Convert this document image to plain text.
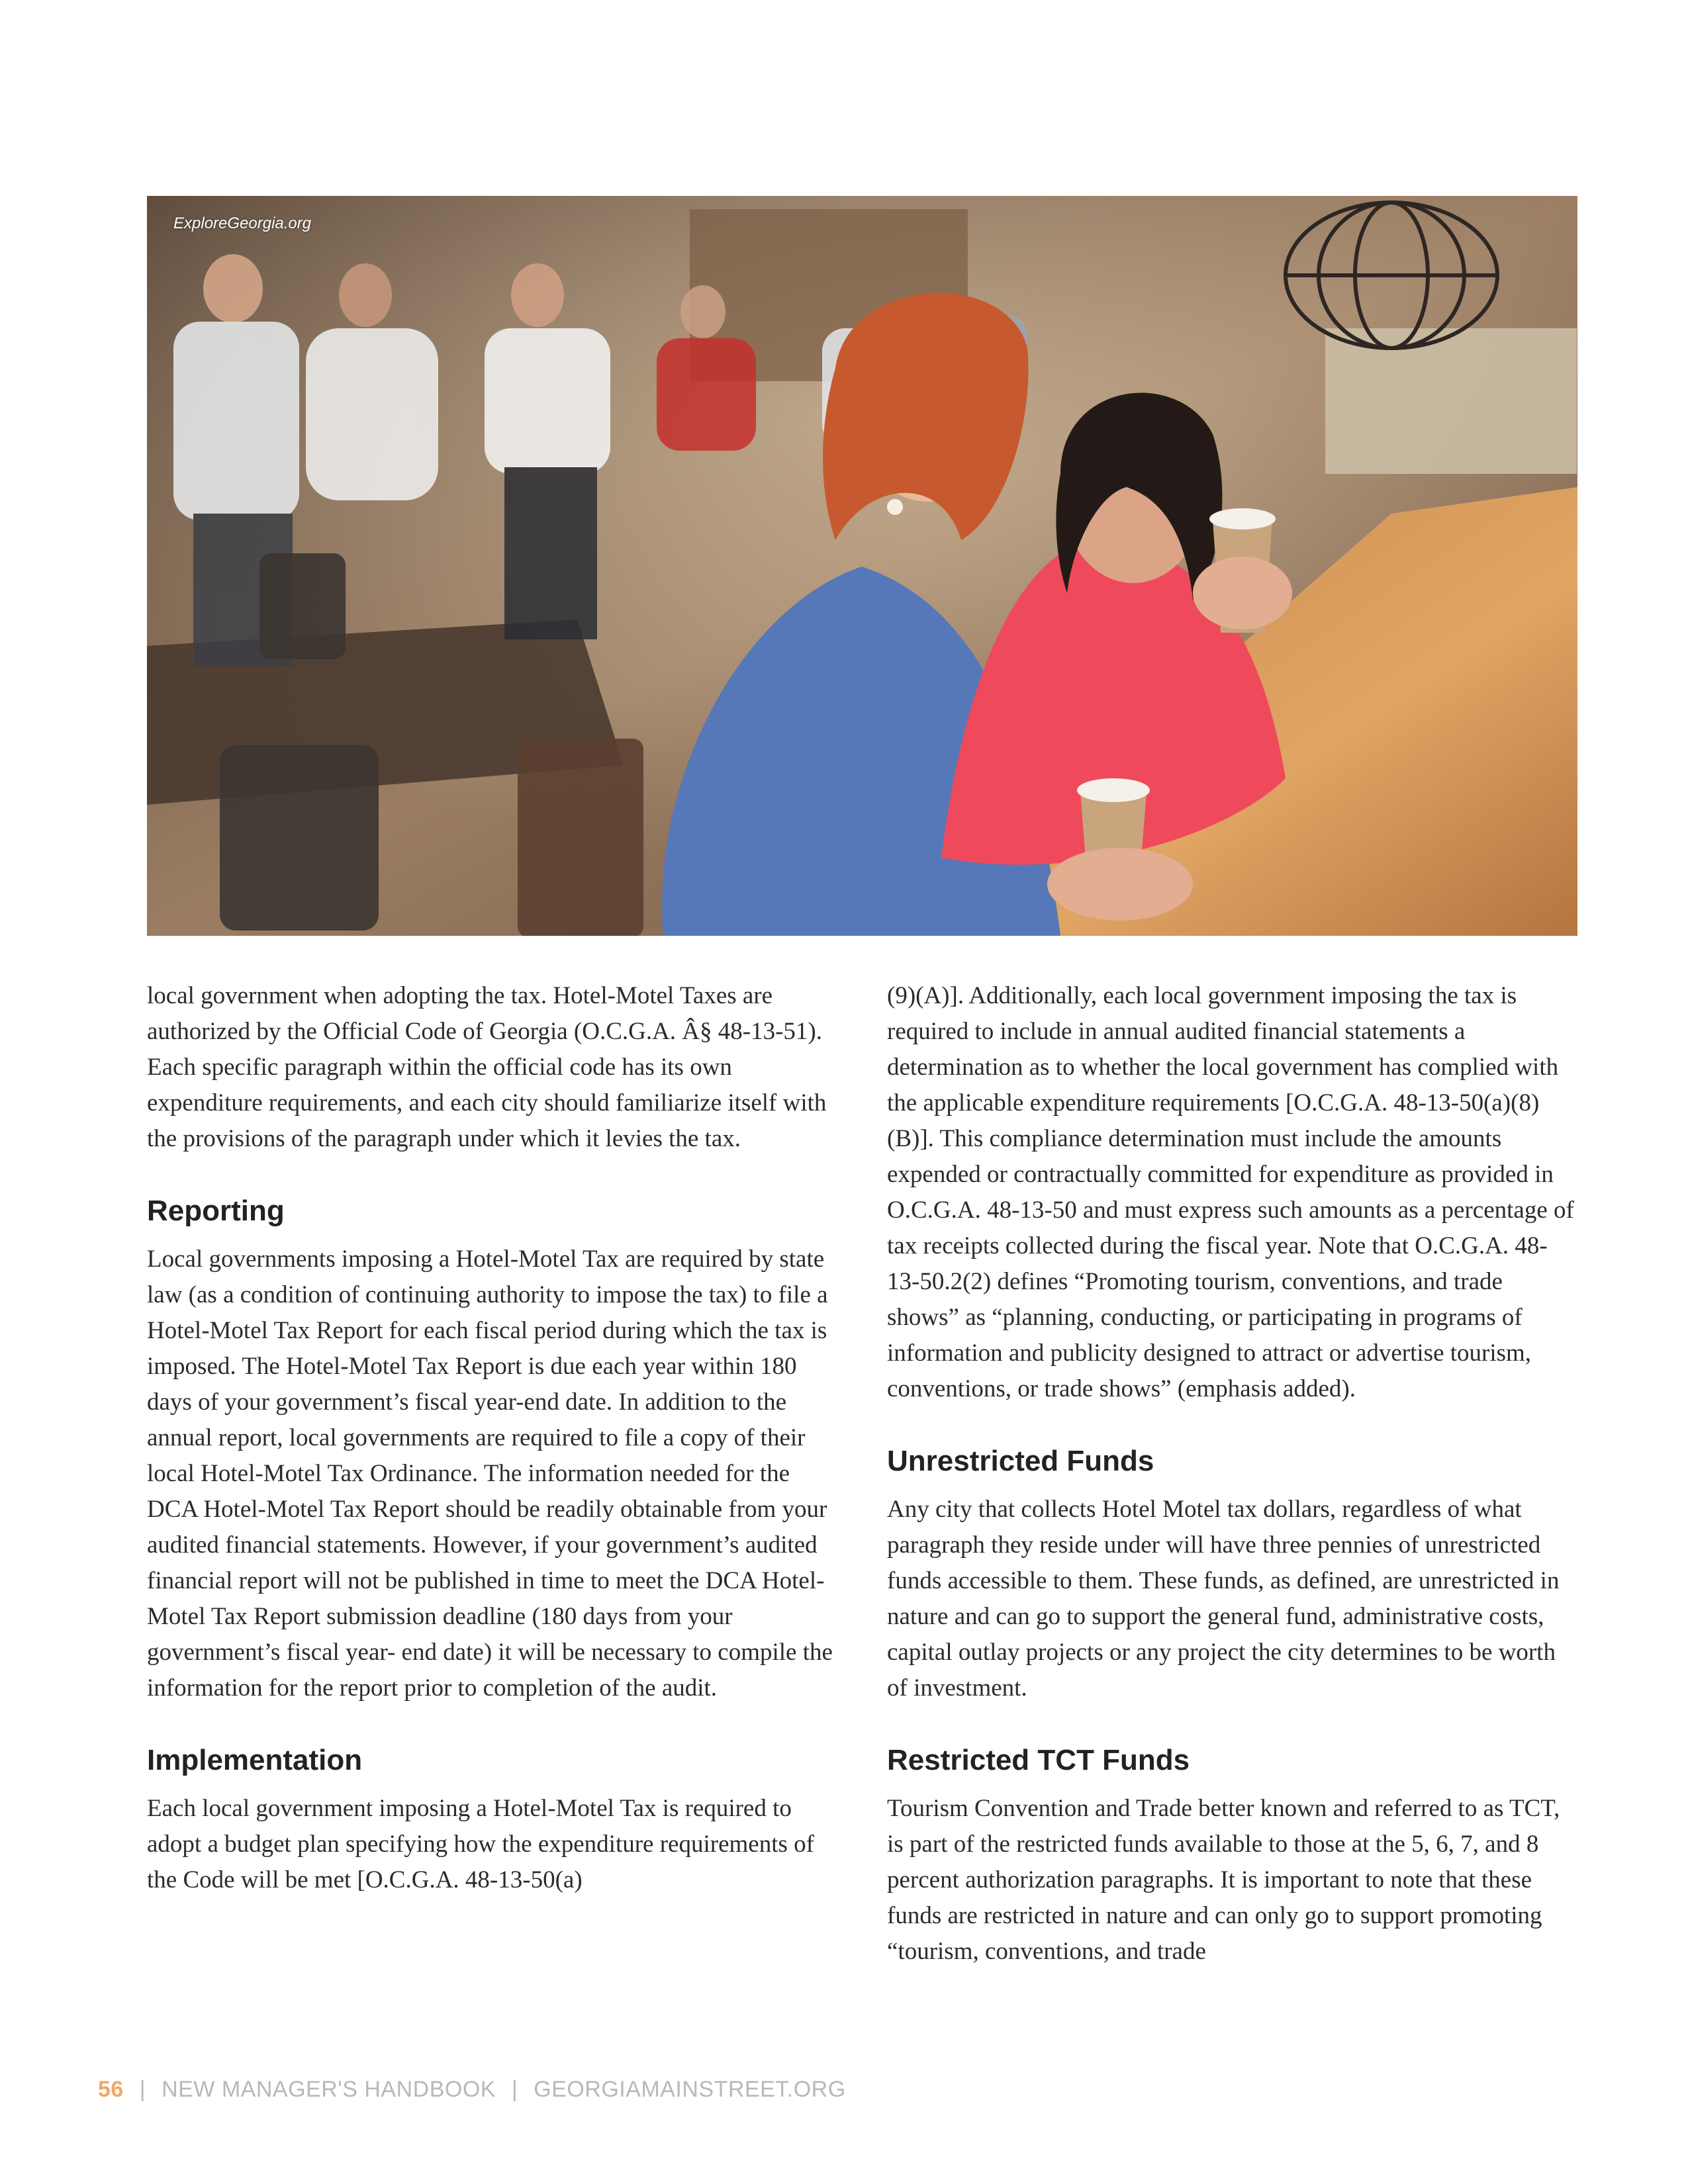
ExploreGeorgia.org

local government when adopting the tax. Hotel-Motel Taxes are authorized by the Official Code of Georgia (O.C.G.A. Â§ 48-13-51). Each specific paragraph within the official code has its own expenditure requirements, and each city should familiarize itself with the provisions of the paragraph under which it levies the tax.

Reporting

Local governments imposing a Hotel-Motel Tax are required by state law (as a condition of continuing authority to impose the tax) to file a Hotel-Motel Tax Report for each fiscal period during which the tax is imposed. The Hotel-Motel Tax Report is due each year within 180 days of your government’s fiscal year-end date. In addition to the annual report, local governments are required to file a copy of their local Hotel-Motel Tax Ordinance. The information needed for the DCA Hotel-Motel Tax Report should be readily obtainable from your audited financial statements. However, if your government’s audited financial report will not be published in time to meet the DCA Hotel-Motel Tax Report submission deadline (180 days from your government’s fiscal year- end date) it will be necessary to compile the information for the report prior to completion of the audit.

Implementation

Each local government imposing a Hotel-Motel Tax is required to adopt a budget plan specifying how the expenditure requirements of the Code will be met [O.C.G.A. 48-13-50(a)

(9)(A)]. Additionally, each local government imposing the tax is required to include in annual audited financial statements a determination as to whether the local government has complied with the applicable expenditure requirements [O.C.G.A. 48-13-50(a)(8)(B)]. This compliance determination must include the amounts expended or contractually committed for expenditure as provided in O.C.G.A. 48-13-50 and must express such amounts as a percentage of tax receipts collected during the fiscal year. Note that O.C.G.A. 48-13-50.2(2) defines “Promoting tourism, conventions, and trade shows” as “planning, conducting, or participating in programs of information and publicity designed to attract or advertise tourism, conventions, or trade shows” (emphasis added).

Unrestricted Funds

Any city that collects Hotel Motel tax dollars, regardless of what paragraph they reside under will have three pennies of unrestricted funds accessible to them. These funds, as defined, are unrestricted in nature and can go to support the general fund, administrative costs, capital outlay projects or any project the city determines to be worth of investment.

Restricted TCT Funds

Tourism Convention and Trade better known and referred to as TCT, is part of the restricted funds available to those at the 5, 6, 7, and 8 percent authorization paragraphs. It is important to note that these funds are restricted in nature and can only go to support promoting “tourism, conventions, and trade

56 | NEW MANAGER'S HANDBOOK | GEORGIAMAINSTREET.ORG
